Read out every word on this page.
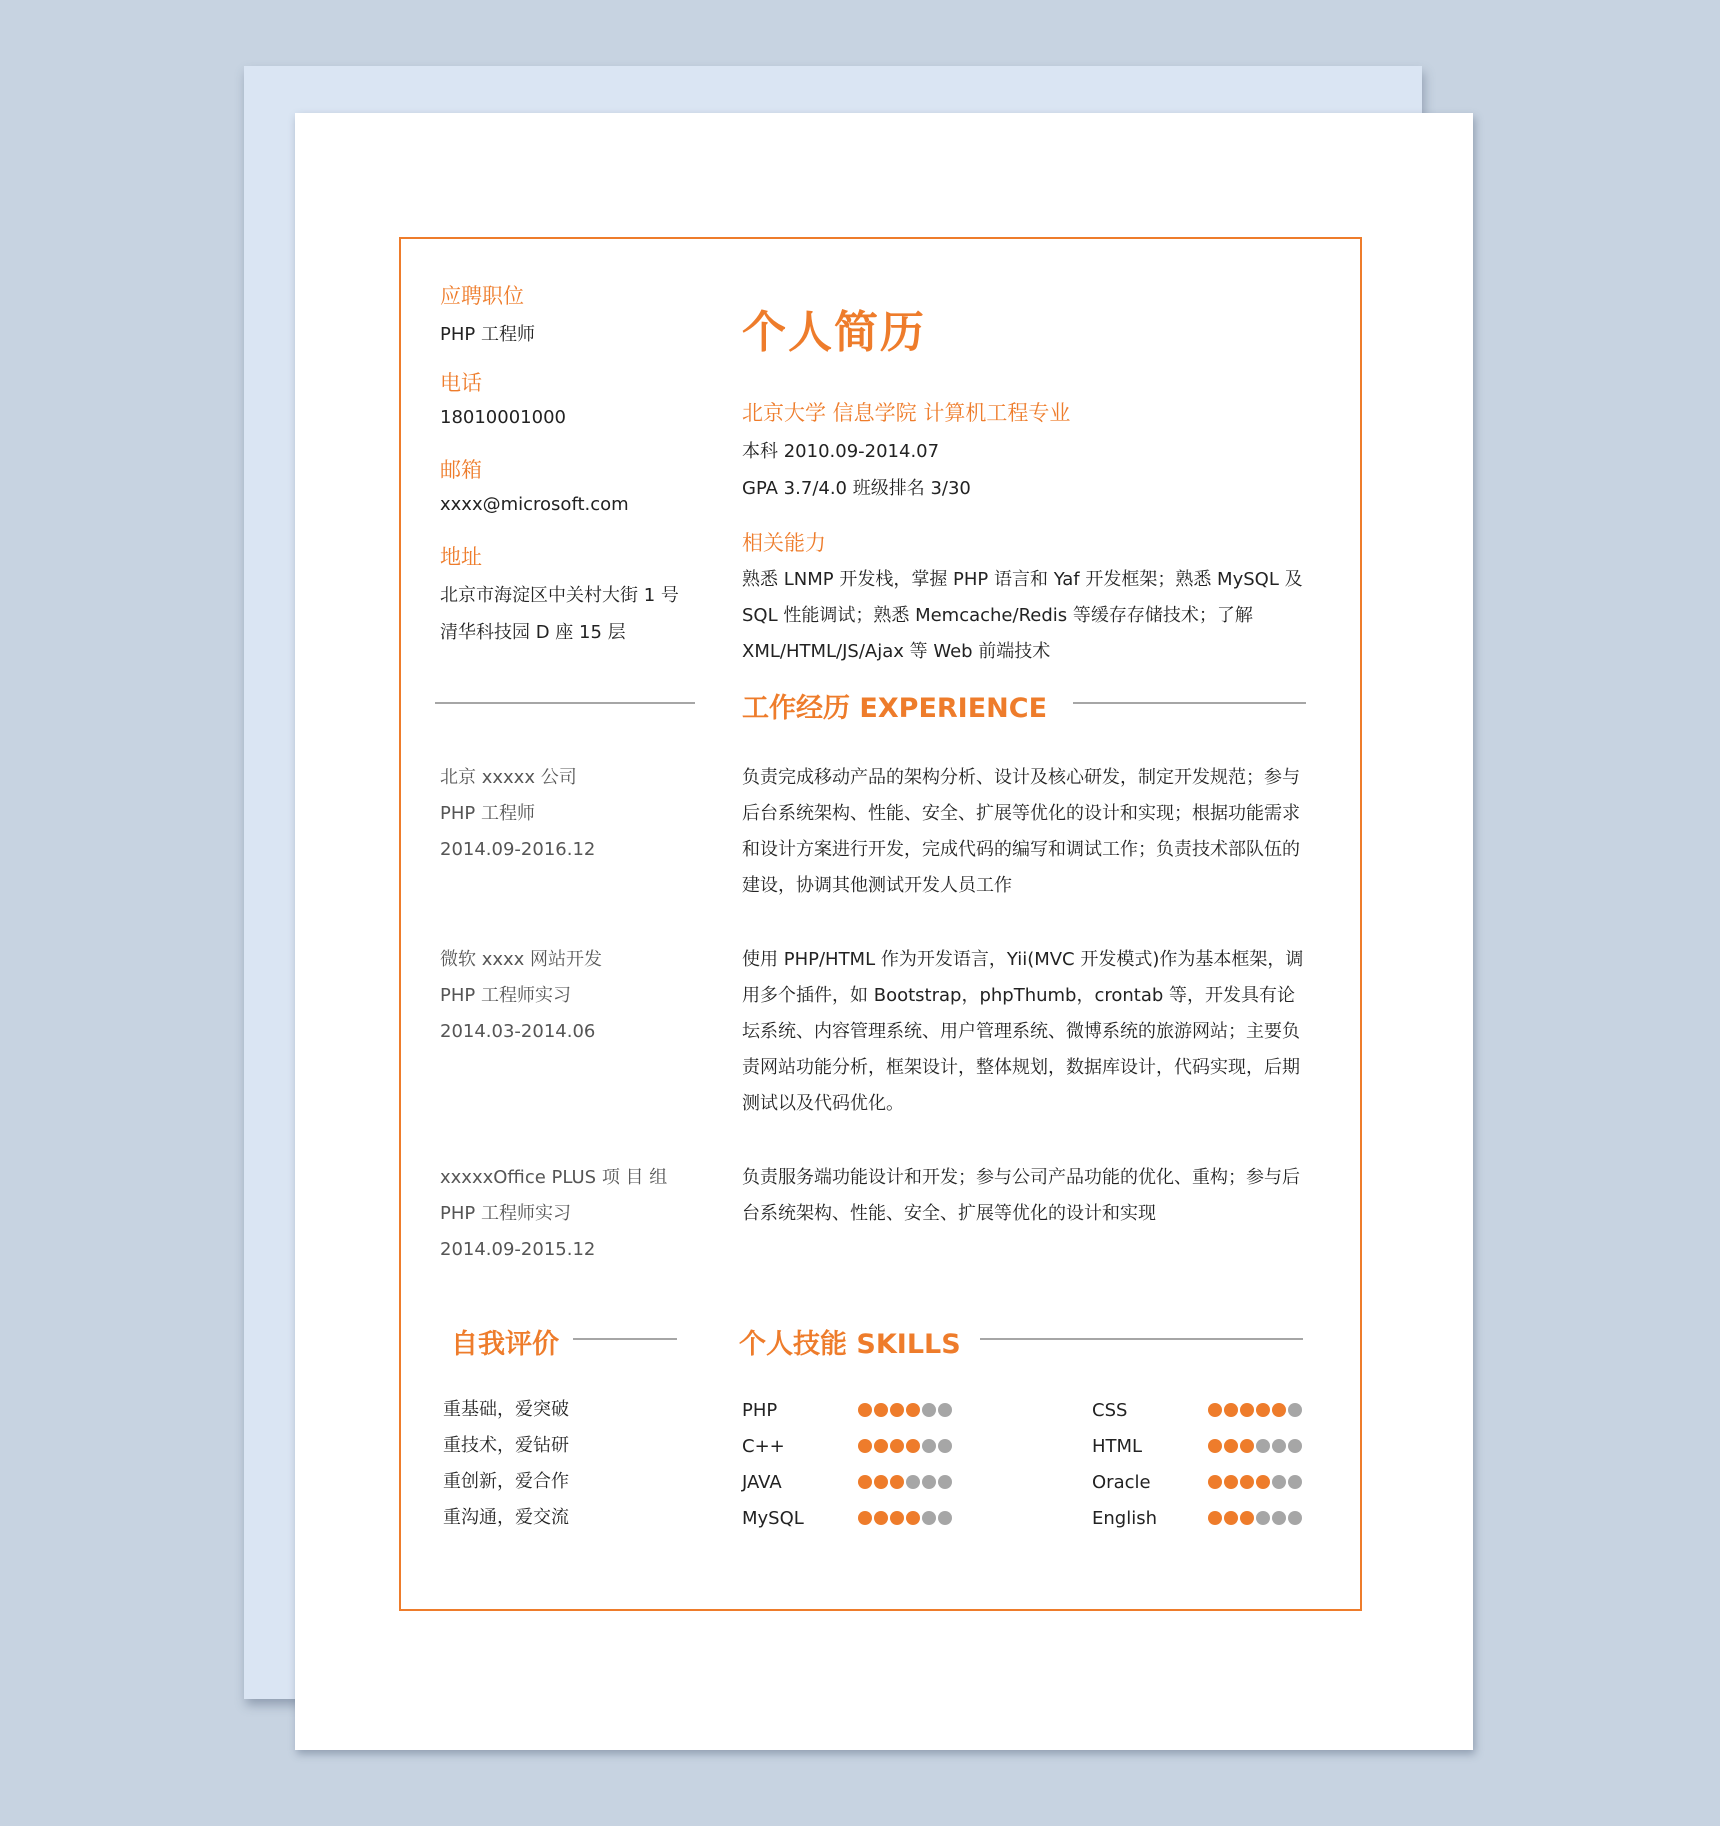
应聘职位
PHP 工程师
电话
18010001000
邮箱
xxxx@microsoft.com
地址
北京市海淀区中关村大街 1 号
清华科技园 D 座 15 层
个人简历
北京大学 信息学院 计算机工程专业
本科 2010.09-2014.07
GPA 3.7/4.0 班级排名 3/30
相关能力
熟悉 LNMP 开发栈，掌握 PHP 语言和 Yaf 开发框架；熟悉 MySQL 及 SQL 性能调试；熟悉 Memcache/Redis 等缓存存储技术；了解 XML/HTML/JS/Ajax 等 Web 前端技术
工作经历 EXPERIENCE
北京 xxxxx 公司
PHP 工程师
2014.09-2016.12
负责完成移动产品的架构分析、设计及核心研发，制定开发规范；参与后台系统架构、性能、安全、扩展等优化的设计和实现；根据功能需求和设计方案进行开发，完成代码的编写和调试工作；负责技术部队伍的建设，协调其他测试开发人员工作
微软 xxxx 网站开发
PHP 工程师实习
2014.03-2014.06
使用 PHP/HTML 作为开发语言，Yii(MVC 开发模式)作为基本框架，调用多个插件，如 Bootstrap，phpThumb，crontab 等，开发具有论坛系统、内容管理系统、用户管理系统、微博系统的旅游网站；主要负责网站功能分析，框架设计，整体规划，数据库设计，代码实现，后期测试以及代码优化。
xxxxxOffice PLUS 项 目 组
PHP 工程师实习
2014.09-2015.12
负责服务端功能设计和开发；参与公司产品功能的优化、重构；参与后台系统架构、性能、安全、扩展等优化的设计和实现
自我评价
重基础，爱突破
重技术，爱钻研
重创新，爱合作
重沟通，爱交流
个人技能 SKILLS
PHP
C++
JAVA
MySQL
CSS
HTML
Oracle
English
